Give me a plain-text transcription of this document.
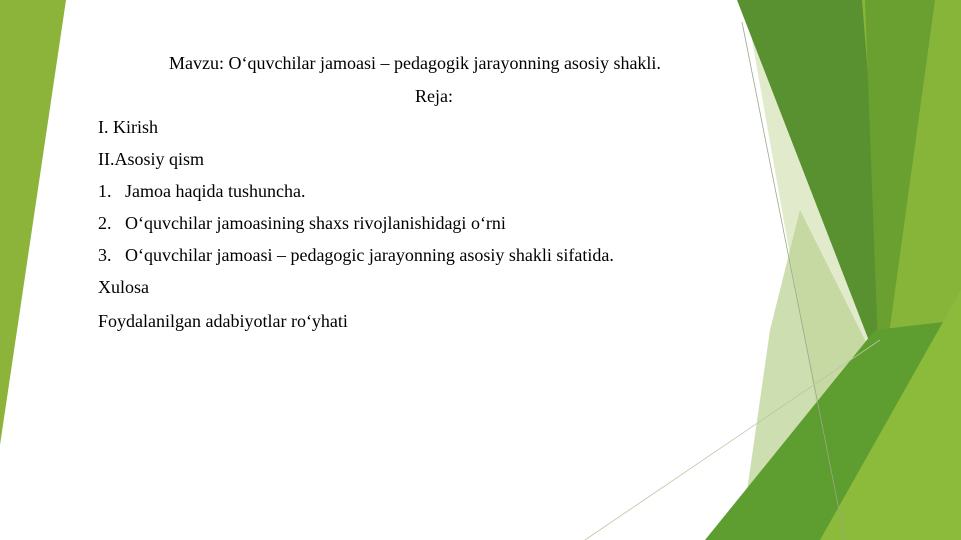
Mavzu: O‘quvchilar jamoasi – pedagogik jarayonning asosiy shakli.
Reja:
I. Kirish
II.Asosiy qism
1. Jamoa haqida tushuncha.
2. O‘quvchilar jamoasining shaxs rivojlanishidagi o‘rni
3. O‘quvchilar jamoasi – pedagogic jarayonning asosiy shakli sifatida.
Xulosa
Foydalanilgan adabiyotlar ro‘yhati
